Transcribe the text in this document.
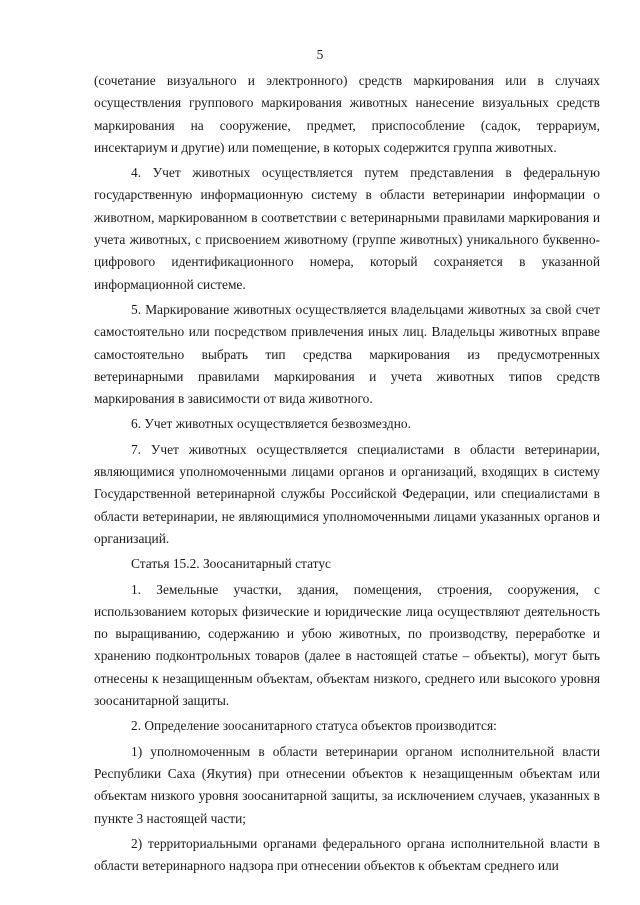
5

(сочетание визуального и электронного) средств маркирования или в случаях осуществления группового маркирования животных нанесение визуальных средств маркирования на сооружение, предмет, приспособление (садок, террариум, инсектариум и другие) или помещение, в которых содержится группа животных.

4. Учет животных осуществляется путем представления в федеральную государственную информационную систему в области ветеринарии информации о животном, маркированном в соответствии с ветеринарными правилами маркирования и учета животных, с присвоением животному (группе животных) уникального буквенно-цифрового идентификационного номера, который сохраняется в указанной информационной системе.

5. Маркирование животных осуществляется владельцами животных за свой счет самостоятельно или посредством привлечения иных лиц. Владельцы животных вправе самостоятельно выбрать тип средства маркирования из предусмотренных ветеринарными правилами маркирования и учета животных типов средств маркирования в зависимости от вида животного.

6. Учет животных осуществляется безвозмездно.

7. Учет животных осуществляется специалистами в области ветеринарии, являющимися уполномоченными лицами органов и организаций, входящих в систему Государственной ветеринарной службы Российской Федерации, или специалистами в области ветеринарии, не являющимися уполномоченными лицами указанных органов и организаций.

Статья 15.2. Зоосанитарный статус

1. Земельные участки, здания, помещения, строения, сооружения, с использованием которых физические и юридические лица осуществляют деятельность по выращиванию, содержанию и убою животных, по производству, переработке и хранению подконтрольных товаров (далее в настоящей статье – объекты), могут быть отнесены к незащищенным объектам, объектам низкого, среднего или высокого уровня зоосанитарной защиты.

2. Определение зоосанитарного статуса объектов производится:

1) уполномоченным в области ветеринарии органом исполнительной власти Республики Саха (Якутия) при отнесении объектов к незащищенным объектам или объектам низкого уровня зоосанитарной защиты, за исключением случаев, указанных в пункте 3 настоящей части;

2) территориальными органами федерального органа исполнительной власти в области ветеринарного надзора при отнесении объектов к объектам среднего или
